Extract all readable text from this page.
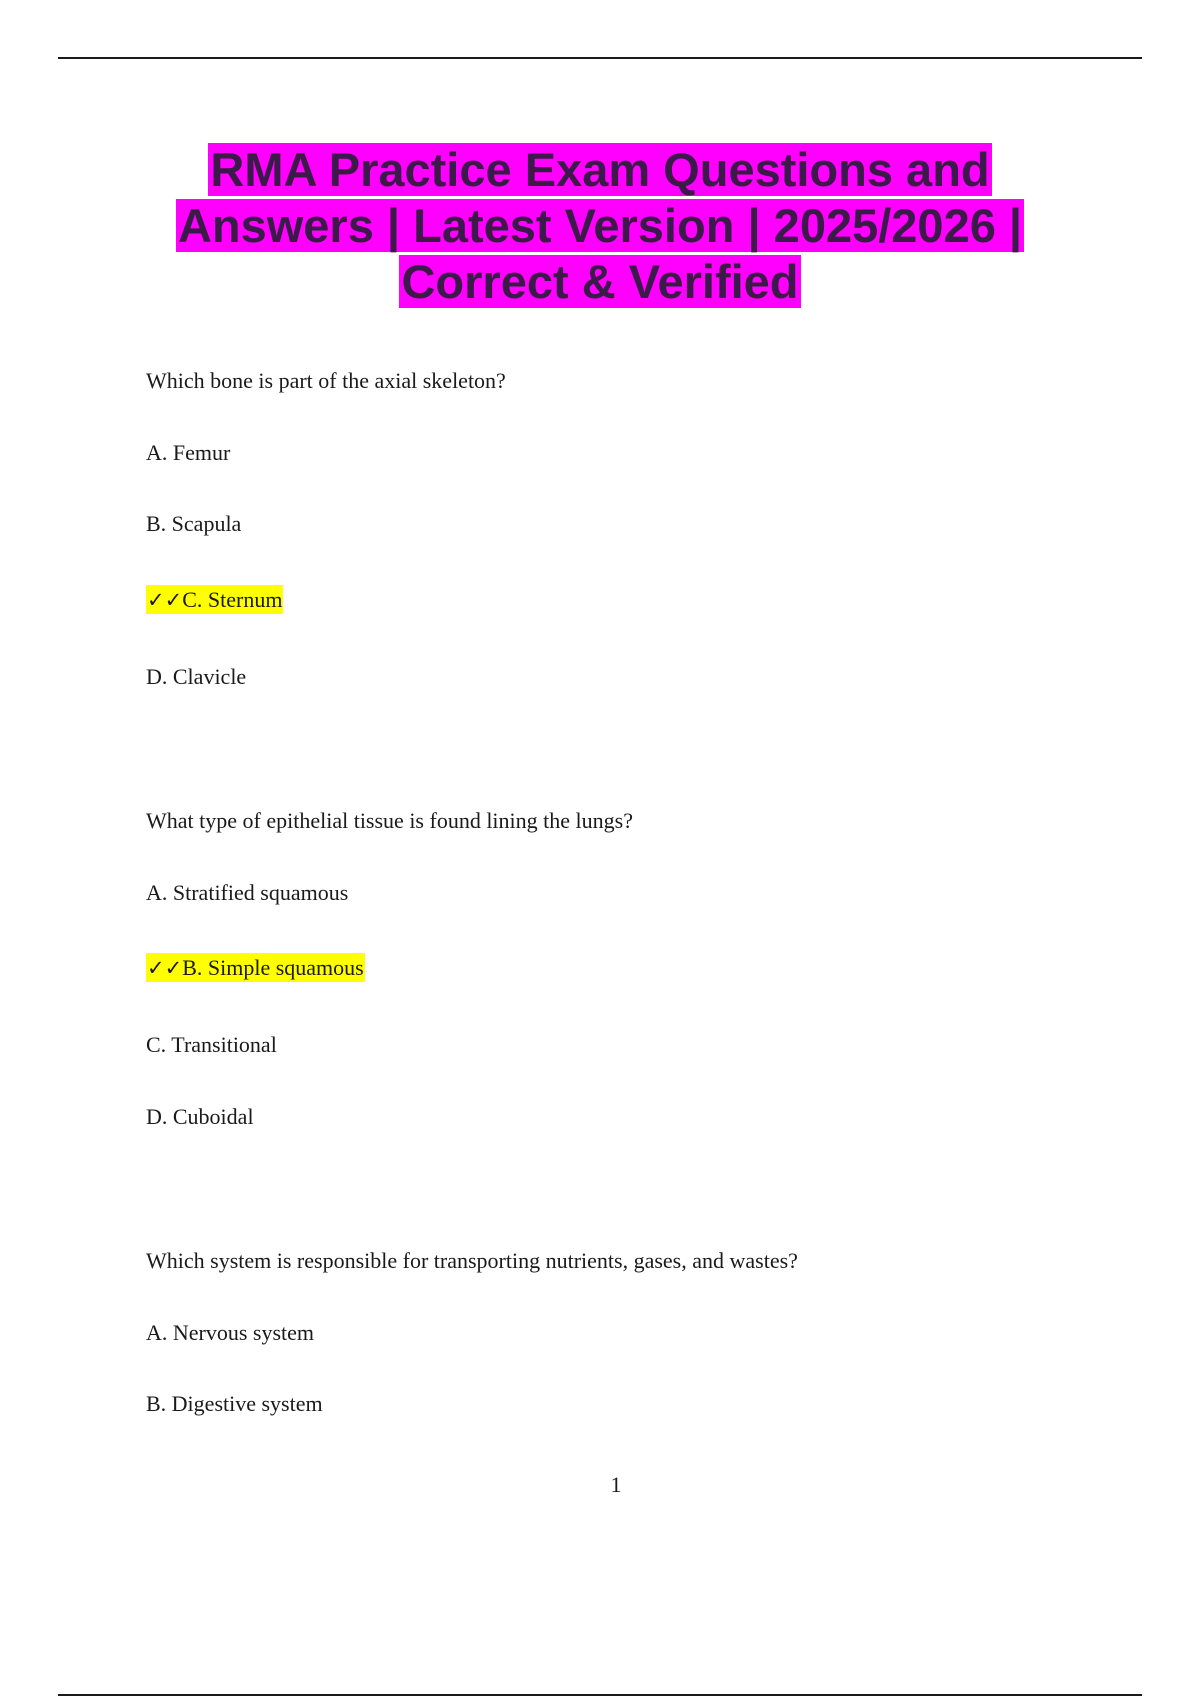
RMA Practice Exam Questions and
Answers | Latest Version | 2025/2026 |
Correct & Verified
Which bone is part of the axial skeleton?
A. Femur
B. Scapula
✓✓C. Sternum
D. Clavicle
What type of epithelial tissue is found lining the lungs?
A. Stratified squamous
✓✓B. Simple squamous
C. Transitional
D. Cuboidal
Which system is responsible for transporting nutrients, gases, and wastes?
A. Nervous system
B. Digestive system
1
